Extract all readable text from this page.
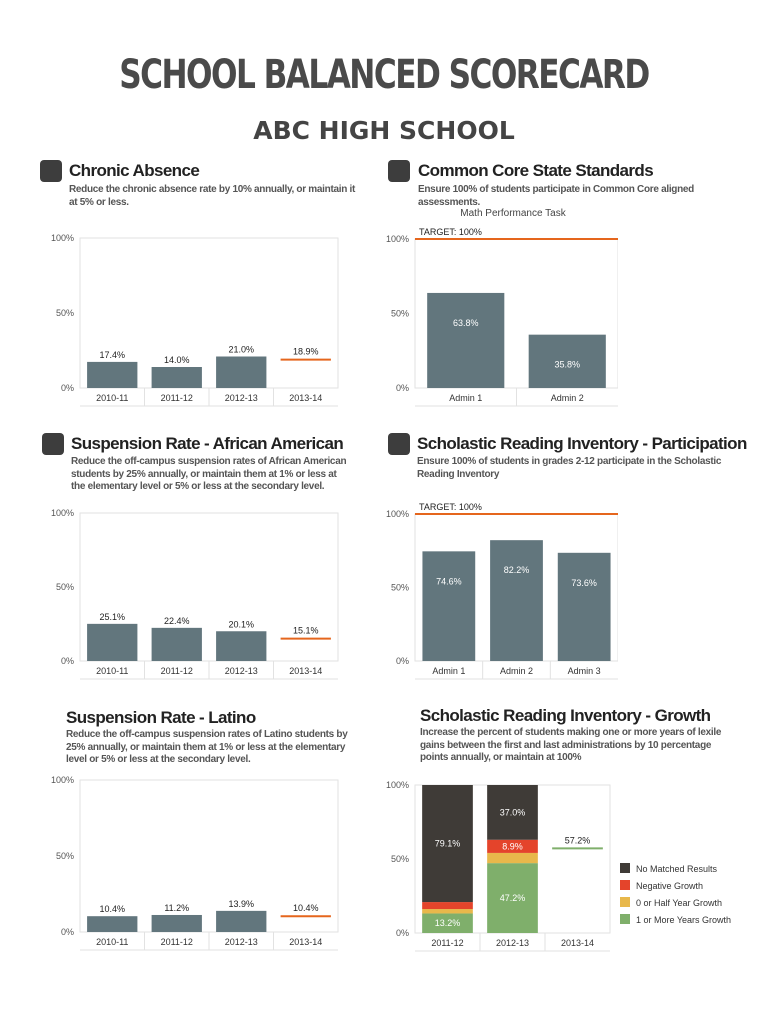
SCHOOL BALANCED SCORECARD
ABC HIGH SCHOOL
Chronic Absence
Reduce the chronic absence rate by 10% annually, or maintain it at 5% or less.
0%
50%
100%
2010-11	2011-12	2012-13	2013-14
17.4%
14.0%
21.0%	18.9%
Common Core State Standards
Ensure 100% of students participate in Common Core aligned assessments.
Math Performance Task
0%
50%
100%
Admin 1	Admin 2
TARGET: 100%
63.8%
35.8%
Suspension Rate - African American
Reduce the off-campus suspension rates of African American students by 25% annually, or maintain them at 1% or less at the elementary level or 5% or less at the secondary level.
0%
50%
100%
2010-11	2011-12	2012-13	2013-14
25.1%	22.4%	20.1%
15.1%
Scholastic Reading Inventory - Participation
Ensure 100% of students in grades 2-12 participate in the Scholastic Reading Inventory
0%
50%
100%
Admin 1	Admin 2	Admin 3
TARGET: 100%
74.6%
82.2%
73.6%
Suspension Rate - Latino
Reduce the off-campus suspension rates of Latino students by 25% annually, or maintain them at 1% or less at the elementary level or 5% or less at the secondary level.
0%
50%
100%
2010-11	2011-12	2012-13	2013-14
10.4%	11.2%	13.9%	10.4%
Scholastic Reading Inventory - Growth
Increase the percent of students making one or more years of lexile gains between the first and last administrations by 10 percentage points annually, or maintain at 100%
0%
50%
100%
2011-12	2012-13	2013-14
13.2%
79.1%
47.2%
8.9%
37.0%
No Matched Results
Negative Growth
0 or Half Year Growth
1 or More Years Growth
57.2%
